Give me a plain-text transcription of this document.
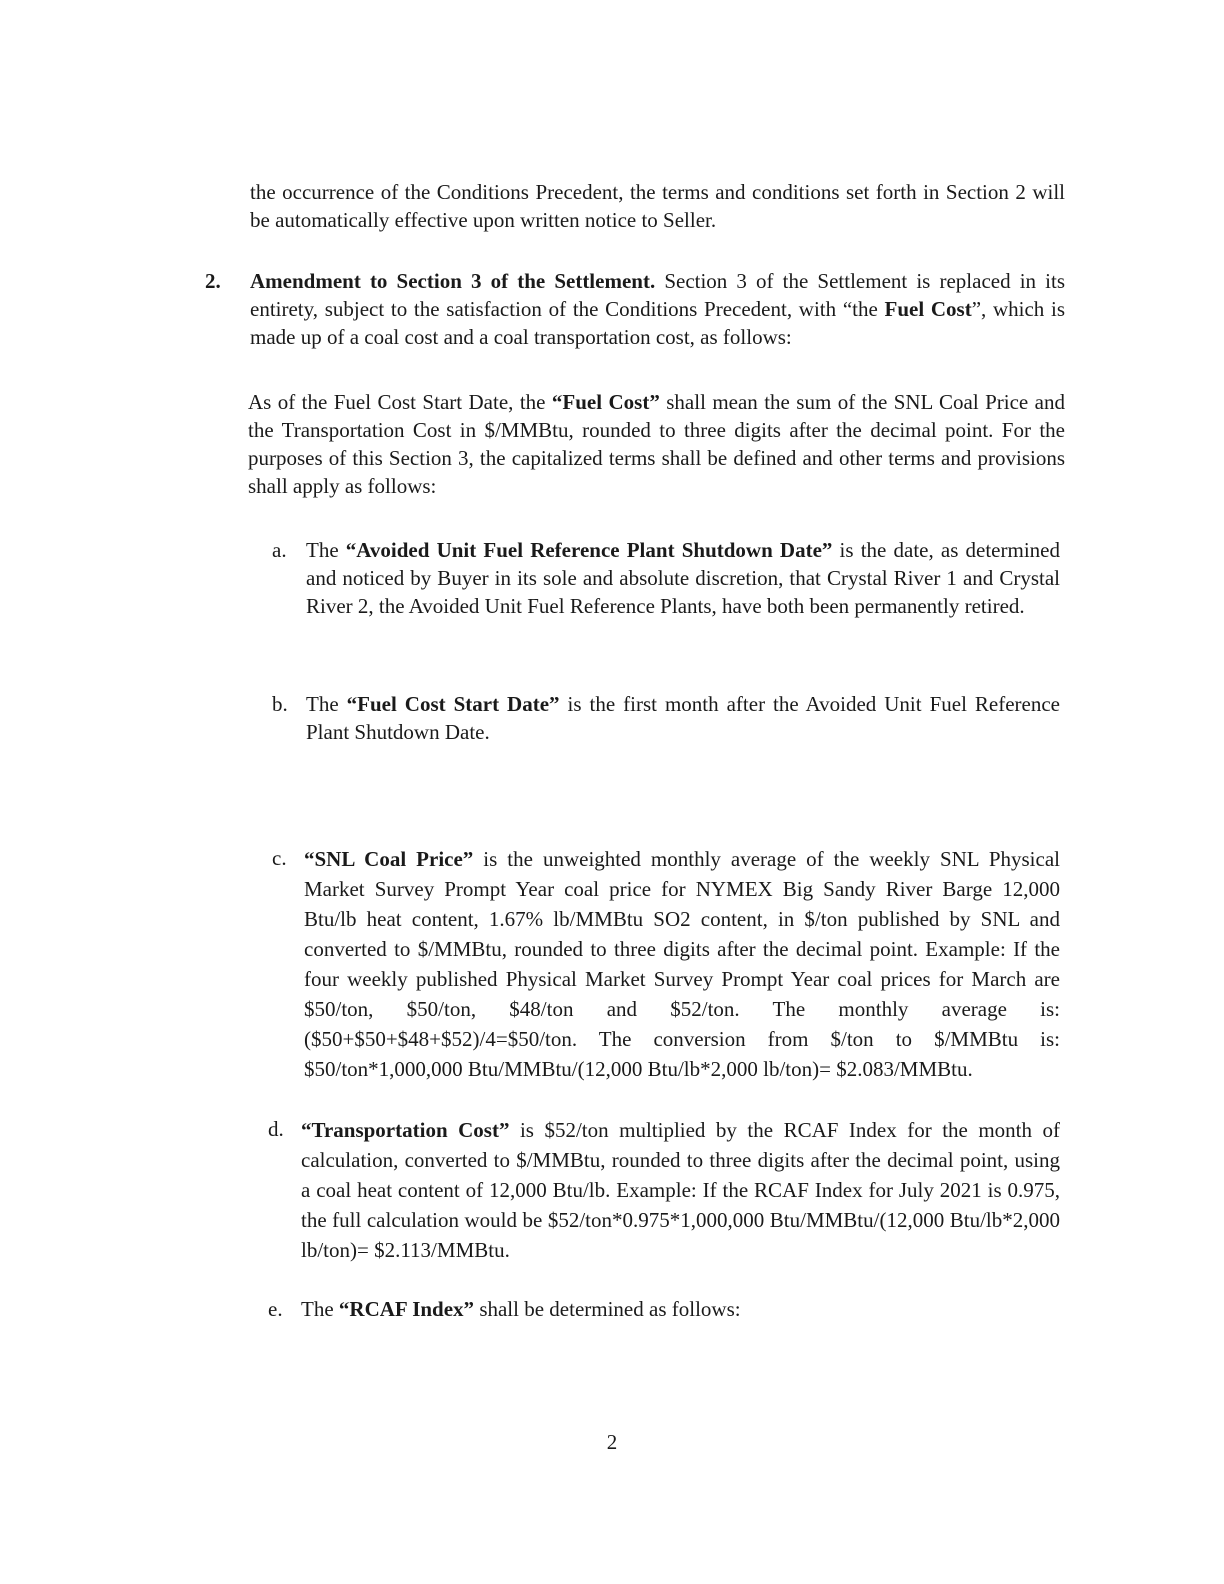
the occurrence of the Conditions Precedent, the terms and conditions set forth in Section 2 will be automatically effective upon written notice to Seller.
2. Amendment to Section 3 of the Settlement. Section 3 of the Settlement is replaced in its entirety, subject to the satisfaction of the Conditions Precedent, with “the Fuel Cost”, which is made up of a coal cost and a coal transportation cost, as follows:
As of the Fuel Cost Start Date, the “Fuel Cost” shall mean the sum of the SNL Coal Price and the Transportation Cost in $/MMBtu, rounded to three digits after the decimal point. For the purposes of this Section 3, the capitalized terms shall be defined and other terms and provisions shall apply as follows:
a. The “Avoided Unit Fuel Reference Plant Shutdown Date” is the date, as determined and noticed by Buyer in its sole and absolute discretion, that Crystal River 1 and Crystal River 2, the Avoided Unit Fuel Reference Plants, have both been permanently retired.
b. The “Fuel Cost Start Date” is the first month after the Avoided Unit Fuel Reference Plant Shutdown Date.
c. “SNL Coal Price” is the unweighted monthly average of the weekly SNL Physical Market Survey Prompt Year coal price for NYMEX Big Sandy River Barge 12,000 Btu/lb heat content, 1.67% lb/MMBtu SO2 content, in $/ton published by SNL and converted to $/MMBtu, rounded to three digits after the decimal point. Example: If the four weekly published Physical Market Survey Prompt Year coal prices for March are $50/ton, $50/ton, $48/ton and $52/ton. The monthly average is: ($50+$50+$48+$52)/4=$50/ton. The conversion from $/ton to $/MMBtu is: $50/ton*1,000,000 Btu/MMBtu/(12,000 Btu/lb*2,000 lb/ton)= $2.083/MMBtu.
d. “Transportation Cost” is $52/ton multiplied by the RCAF Index for the month of calculation, converted to $/MMBtu, rounded to three digits after the decimal point, using a coal heat content of 12,000 Btu/lb. Example: If the RCAF Index for July 2021 is 0.975, the full calculation would be $52/ton*0.975*1,000,000 Btu/MMBtu/(12,000 Btu/lb*2,000 lb/ton)= $2.113/MMBtu.
e. The “RCAF Index” shall be determined as follows:
2
